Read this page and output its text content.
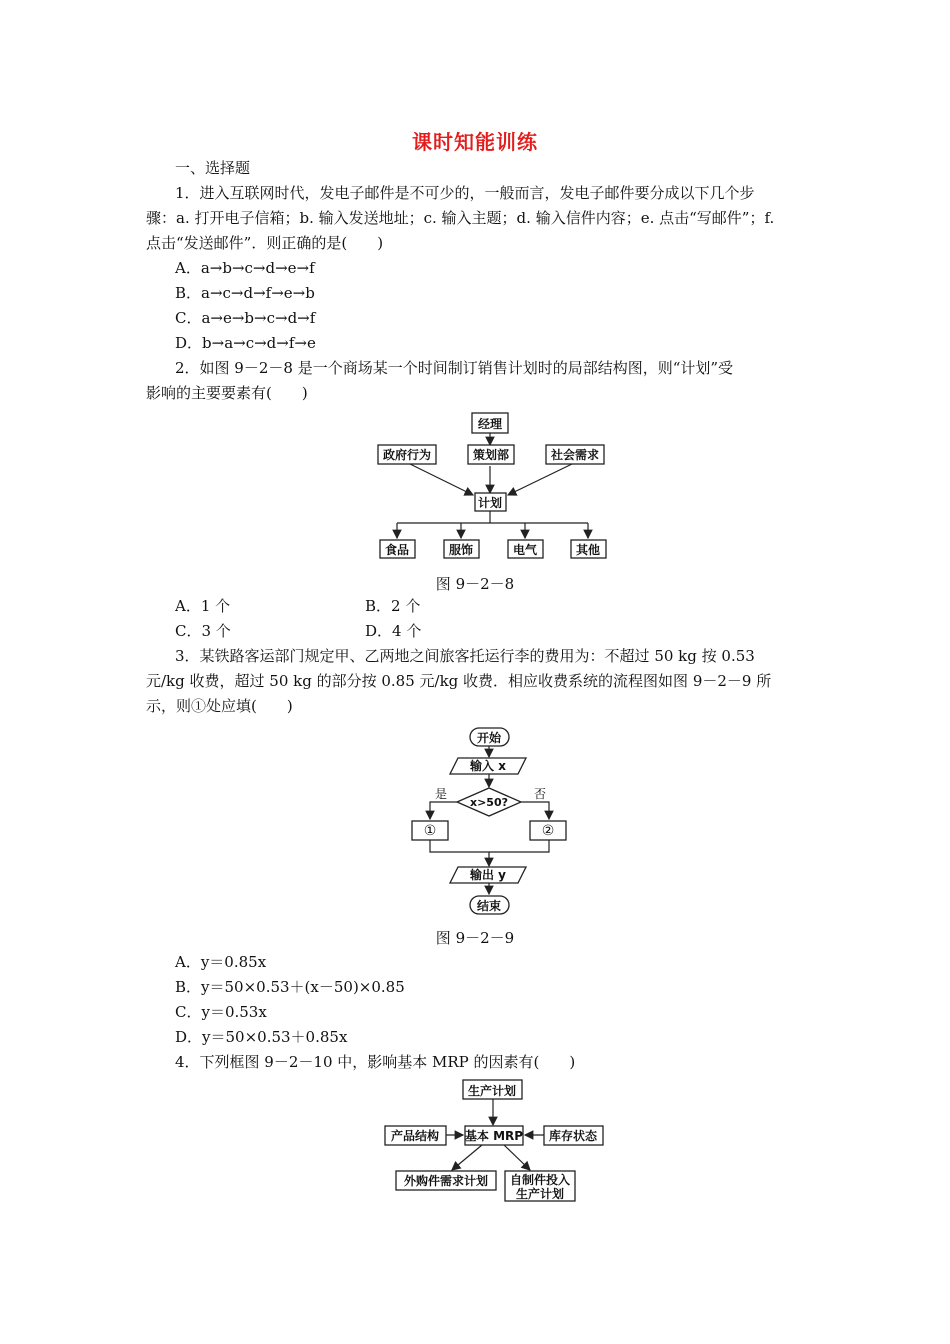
课时知能训练
一、选择题
1．进入互联网时代，发电子邮件是不可少的，一般而言，发电子邮件要分成以下几个步
骤：a. 打开电子信箱；b. 输入发送地址；c. 输入主题；d. 输入信件内容；e. 点击“写邮件”；f.
点击“发送邮件”．则正确的是(　　)
A．a→b→c→d→e→f
B．a→c→d→f→e→b
C．a→e→b→c→d→f
D．b→a→c→d→f→e
2．如图 9－2－8 是一个商场某一个时间制订销售计划时的局部结构图，则“计划”受
影响的主要要素有(　　)
经理
政府行为	策划部	社会需求
计划
食品	服饰	电气	其他
图 9－2－8
A．1 个	B．2 个
C．3 个	D．4 个
3．某铁路客运部门规定甲、乙两地之间旅客托运行李的费用为：不超过 50 kg 按 0.53
元/kg 收费，超过 50 kg 的部分按 0.85 元/kg 收费．相应收费系统的流程图如图 9－2－9 所
示，则①处应填(　　)
开始
输入 x
x>50?
是	否
①	②
输出 y
结束
图 9－2－9
A．y＝0.85x
B．y＝50×0.53＋(x－50)×0.85
C．y＝0.53x
D．y＝50×0.53＋0.85x
4．下列框图 9－2－10 中，影响基本 MRP 的因素有(　　)
生产计划
产品结构 基本 MRP 库存状态
外购件需求计划 自制件投入
生产计划
